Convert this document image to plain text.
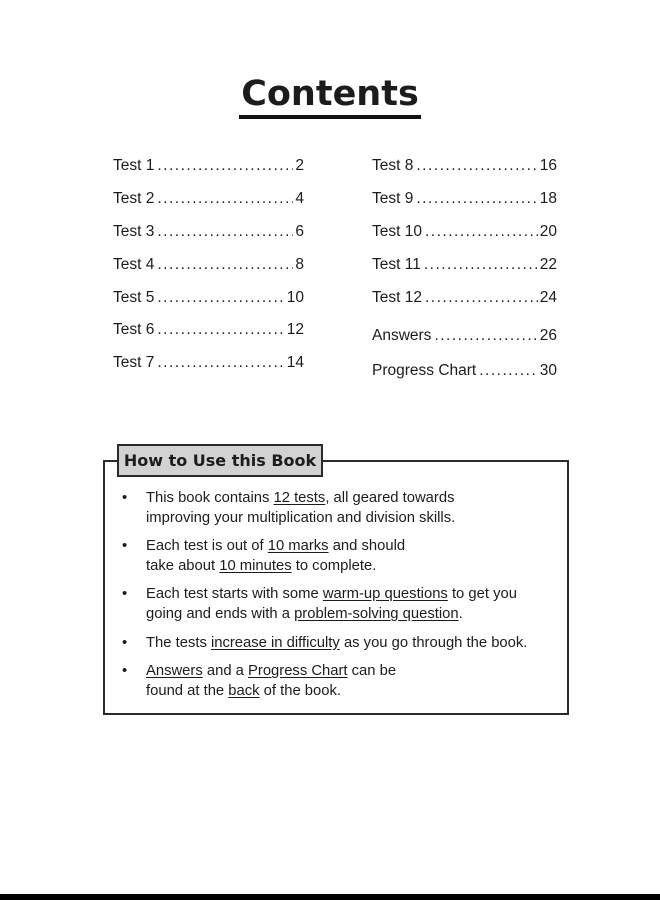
Contents
Test 1 .....	2
Test 2 .....	4
Test 3 .....	6
Test 4 .....	8
Test 5 .....	10
Test 6 .....	12
Test 7 .....	14
Test 8 .....	16
Test 9 .....	18
Test 10 .....	20
Test 11 .....	22
Test 12 .....	24
Answers .....	26
Progress Chart .....	30
How to Use this Book
•	This book contains 12 tests, all geared towards
improving your multiplication and division skills.
•	Each test is out of 10 marks and should
take about 10 minutes to complete.
•	Each test starts with some warm-up questions to get you
going and ends with a problem-solving question.
•	The tests increase in difficulty as you go through the book.
•	Answers and a Progress Chart can be
found at the back of the book.
